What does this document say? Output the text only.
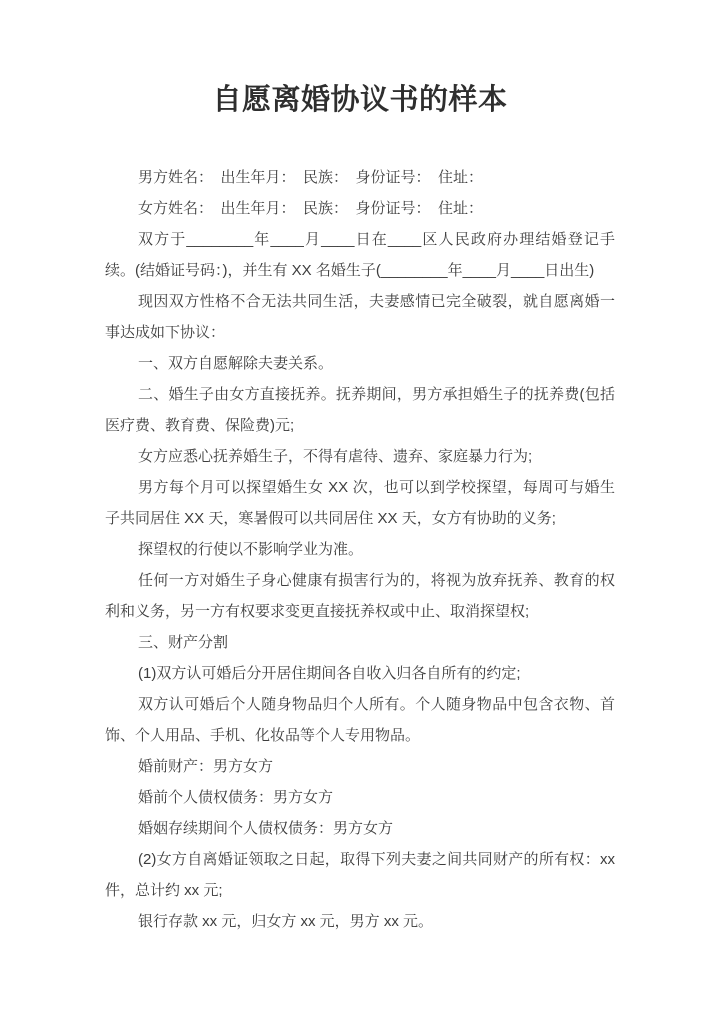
自愿离婚协议书的样本

男方姓名：　出生年月：　民族：　身份证号：　住址：

女方姓名：　出生年月：　民族：　身份证号：　住址：

双方于________年____月____日在____区人民政府办理结婚登记手续。(结婚证号码：)，并生有 XX 名婚生子(________年____月____日出生)

现因双方性格不合无法共同生活，夫妻感情已完全破裂，就自愿离婚一事达成如下协议：

一、双方自愿解除夫妻关系。

二、婚生子由女方直接抚养。抚养期间，男方承担婚生子的抚养费(包括医疗费、教育费、保险费)元;

女方应悉心抚养婚生子，不得有虐待、遗弃、家庭暴力行为;

男方每个月可以探望婚生女 XX 次，也可以到学校探望，每周可与婚生子共同居住 XX 天，寒暑假可以共同居住 XX 天，女方有协助的义务;

探望权的行使以不影响学业为准。

任何一方对婚生子身心健康有损害行为的，将视为放弃抚养、教育的权利和义务，另一方有权要求变更直接抚养权或中止、取消探望权;

三、财产分割

(1)双方认可婚后分开居住期间各自收入归各自所有的约定;

双方认可婚后个人随身物品归个人所有。个人随身物品中包含衣物、首饰、个人用品、手机、化妆品等个人专用物品。

婚前财产：男方女方

婚前个人债权债务：男方女方

婚姻存续期间个人债权债务：男方女方

(2)女方自离婚证领取之日起，取得下列夫妻之间共同财产的所有权：xx 件，总计约 xx 元;

银行存款 xx 元，归女方 xx 元，男方 xx 元。
